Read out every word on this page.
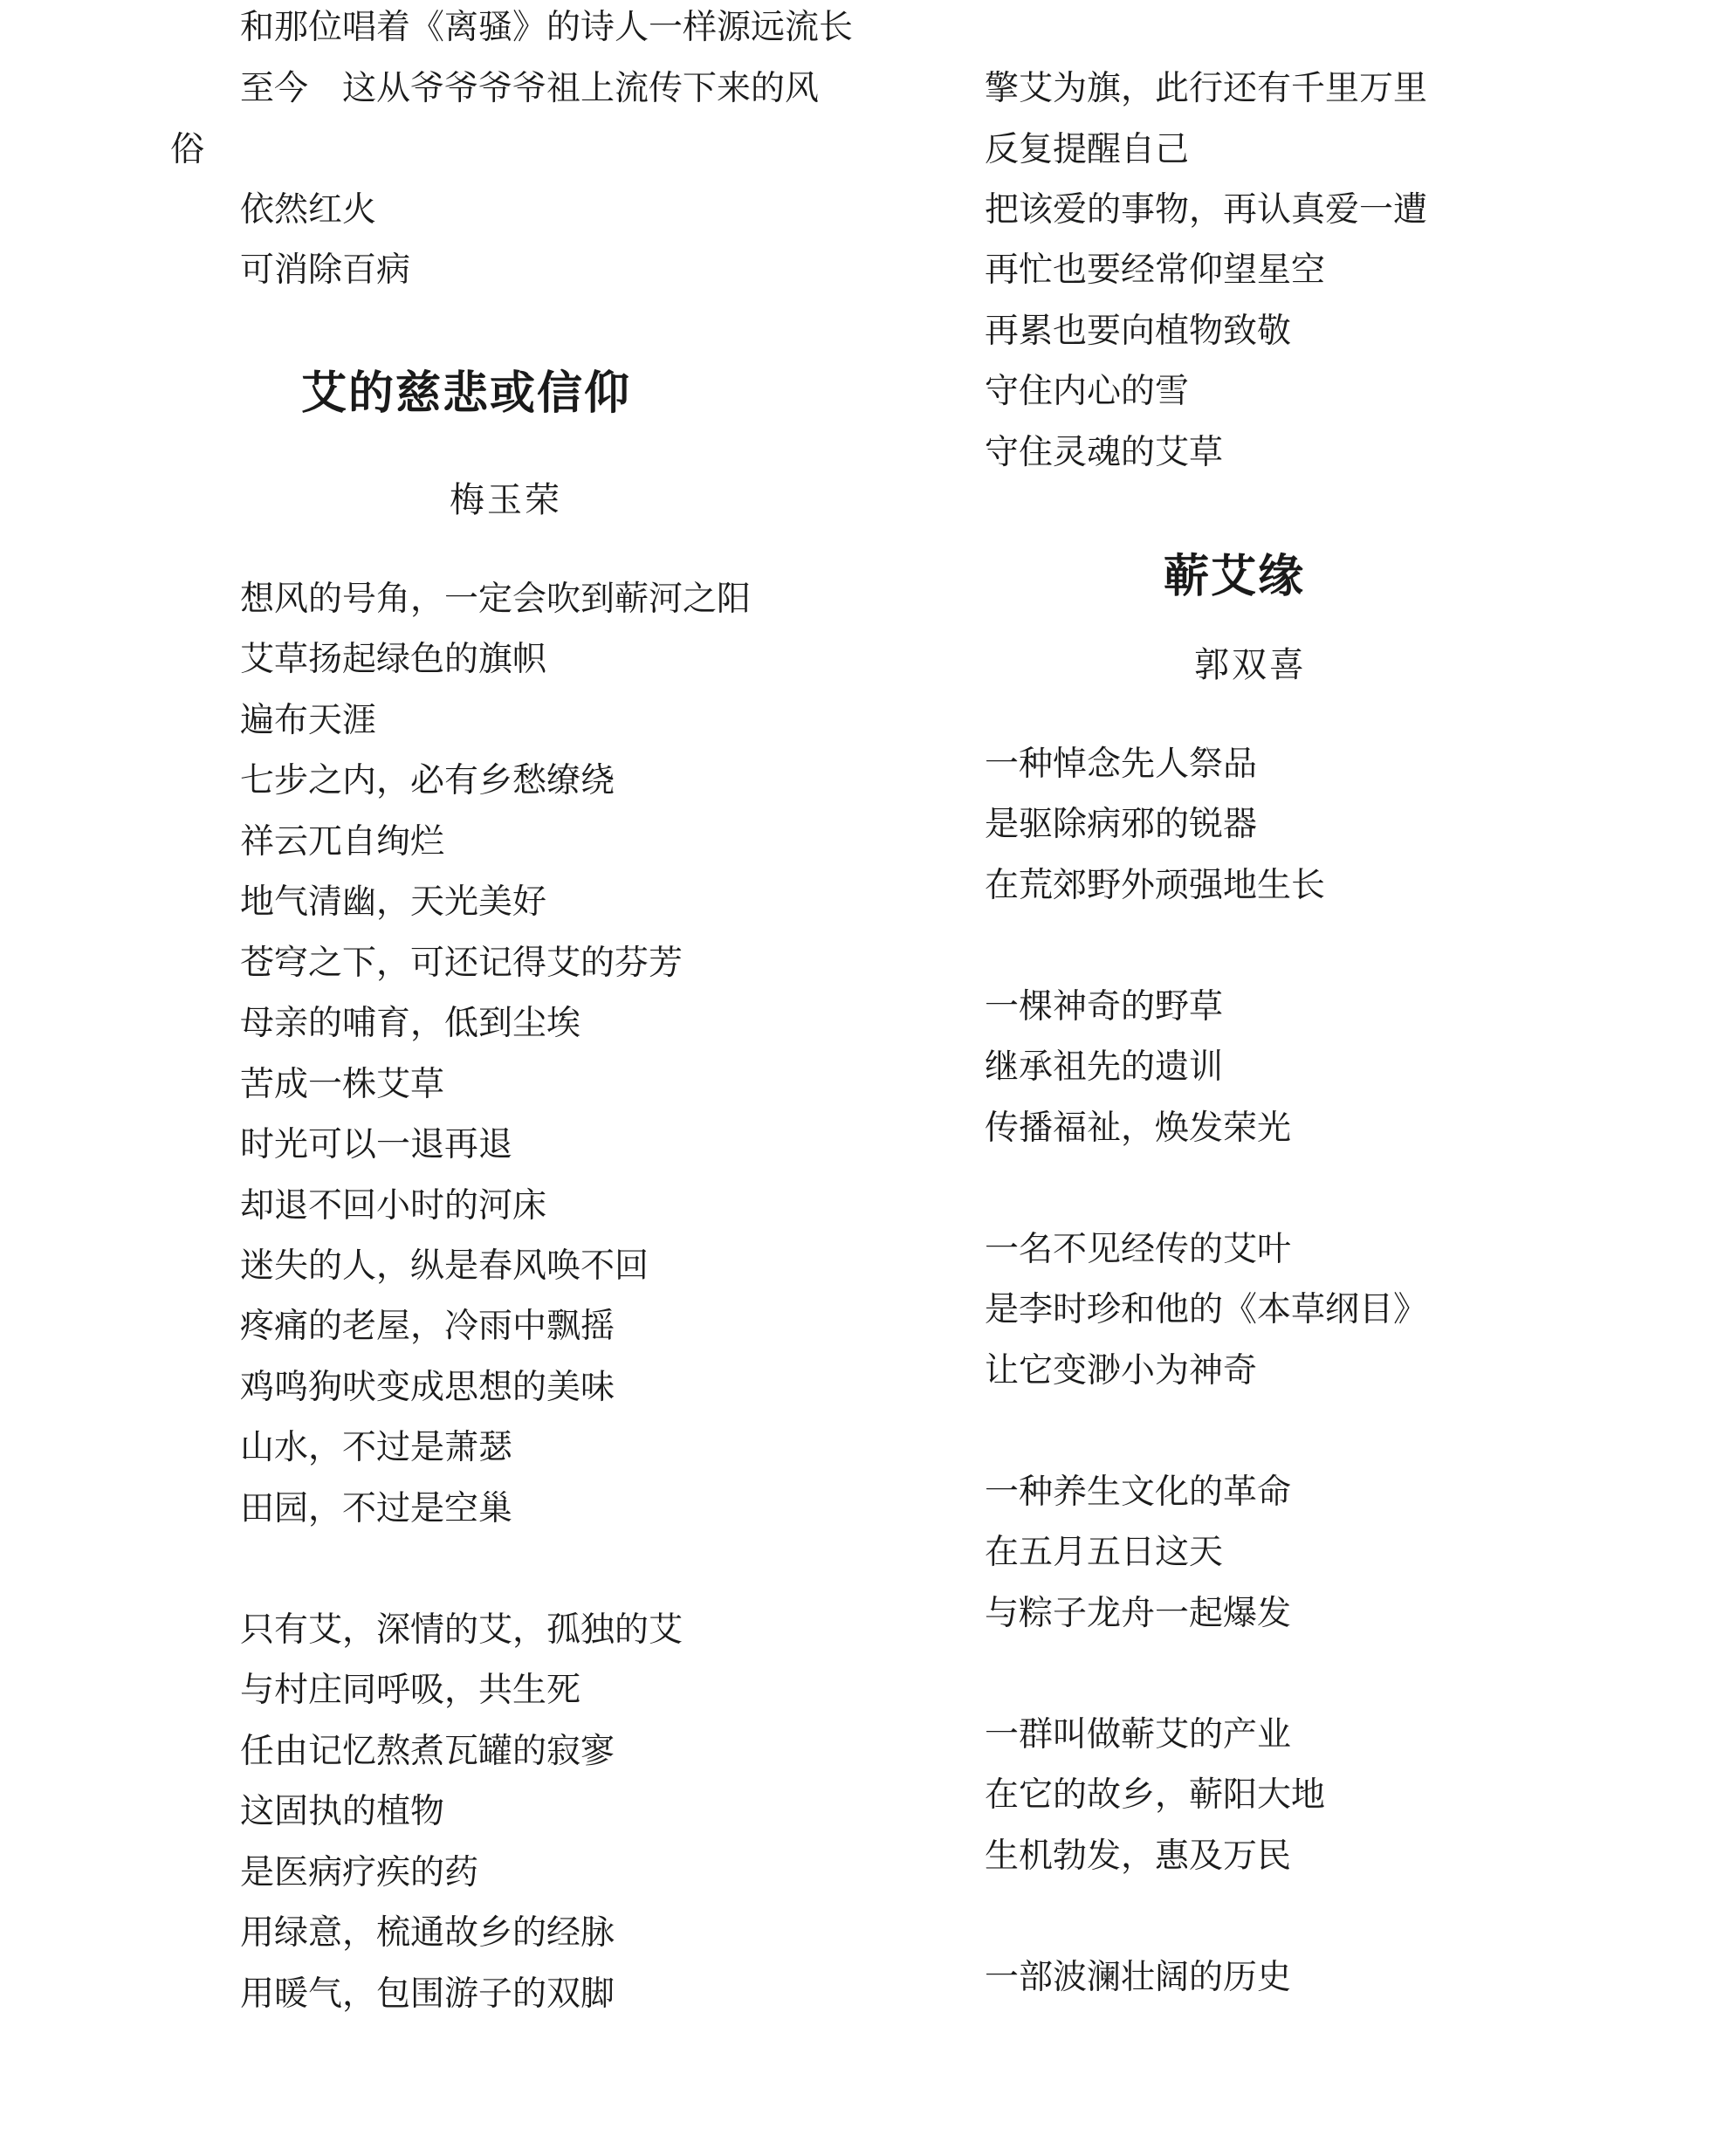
和那位唱着《离骚》的诗人一样源远流长
至今　这从爷爷爷爷祖上流传下来的风
俗
依然红火
可消除百病
艾的慈悲或信仰
梅玉荣
想风的号角，一定会吹到蕲河之阳
艾草扬起绿色的旗帜
遍布天涯
七步之内，必有乡愁缭绕
祥云兀自绚烂
地气清幽，天光美好
苍穹之下，可还记得艾的芬芳
母亲的哺育，低到尘埃
苦成一株艾草
时光可以一退再退
却退不回小时的河床
迷失的人，纵是春风唤不回
疼痛的老屋，冷雨中飘摇
鸡鸣狗吠变成思想的美味
山水，不过是萧瑟
田园，不过是空巢
只有艾，深情的艾，孤独的艾
与村庄同呼吸，共生死
任由记忆熬煮瓦罐的寂寥
这固执的植物
是医病疗疾的药
用绿意，梳通故乡的经脉
用暖气，包围游子的双脚
擎艾为旗，此行还有千里万里
反复提醒自己
把该爱的事物，再认真爱一遭
再忙也要经常仰望星空
再累也要向植物致敬
守住内心的雪
守住灵魂的艾草
蕲艾缘
郭双喜
一种悼念先人祭品
是驱除病邪的锐器
在荒郊野外顽强地生长
一棵神奇的野草
继承祖先的遗训
传播福祉，焕发荣光
一名不见经传的艾叶
是李时珍和他的《本草纲目》
让它变渺小为神奇
一种养生文化的革命
在五月五日这天
与粽子龙舟一起爆发
一群叫做蕲艾的产业
在它的故乡，蕲阳大地
生机勃发，惠及万民
一部波澜壮阔的历史
